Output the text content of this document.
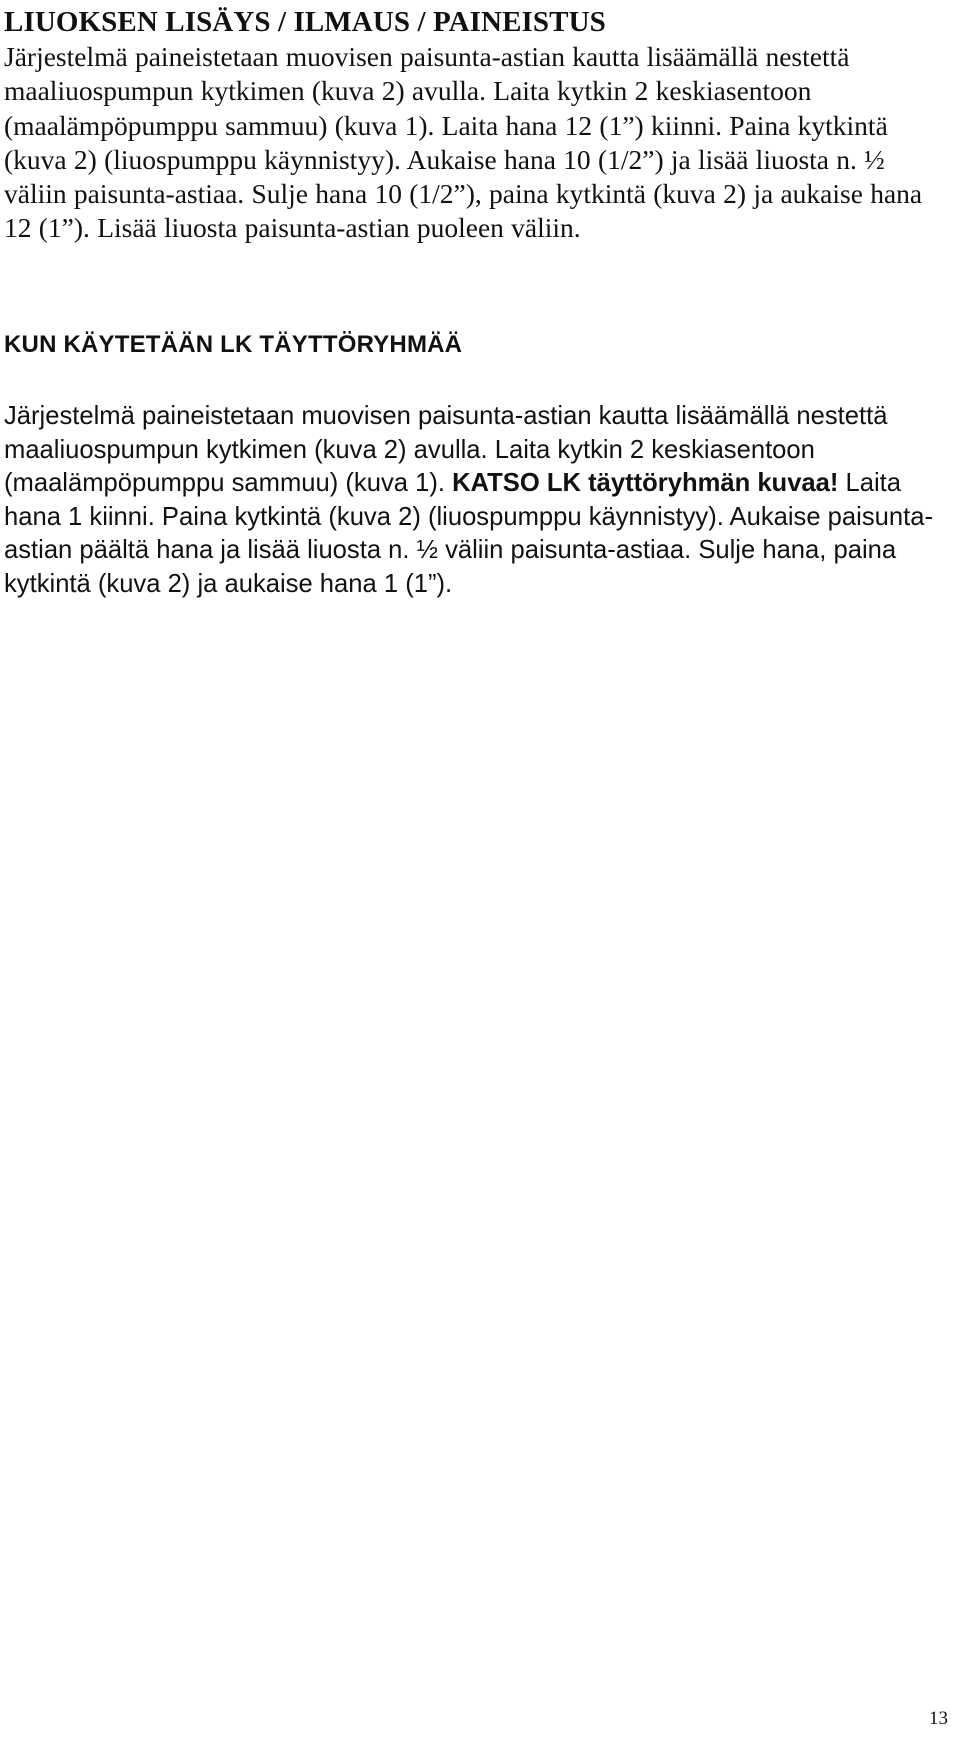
LIUOKSEN LISÄYS / ILMAUS / PAINEISTUS

Järjestelmä paineistetaan muovisen paisunta-astian kautta lisäämällä nestettä maaliuospumpun kytkimen (kuva 2) avulla. Laita kytkin 2 keskiasentoon (maalämpöpumppu sammuu) (kuva 1). Laita hana 12 (1”) kiinni. Paina kytkintä (kuva 2) (liuospumppu käynnistyy). Aukaise hana 10 (1/2”) ja lisää liuosta n. ½ väliin paisunta-astiaa. Sulje hana 10 (1/2”), paina kytkintä (kuva 2) ja aukaise hana 12 (1”). Lisää liuosta paisunta-astian puoleen väliin.

KUN KÄYTETÄÄN LK TÄYTTÖRYHMÄÄ

Järjestelmä paineistetaan muovisen paisunta-astian kautta lisäämällä nestettä maaliuospumpun kytkimen (kuva 2) avulla. Laita kytkin 2 keskiasentoon (maalämpöpumppu sammuu) (kuva 1). KATSO LK täyttöryhmän kuvaa! Laita hana 1 kiinni. Paina kytkintä (kuva 2) (liuospumppu käynnistyy). Aukaise paisunta-astian päältä hana ja lisää liuosta n. ½ väliin paisunta-astiaa. Sulje hana, paina kytkintä (kuva 2) ja aukaise hana 1 (1”).

13
